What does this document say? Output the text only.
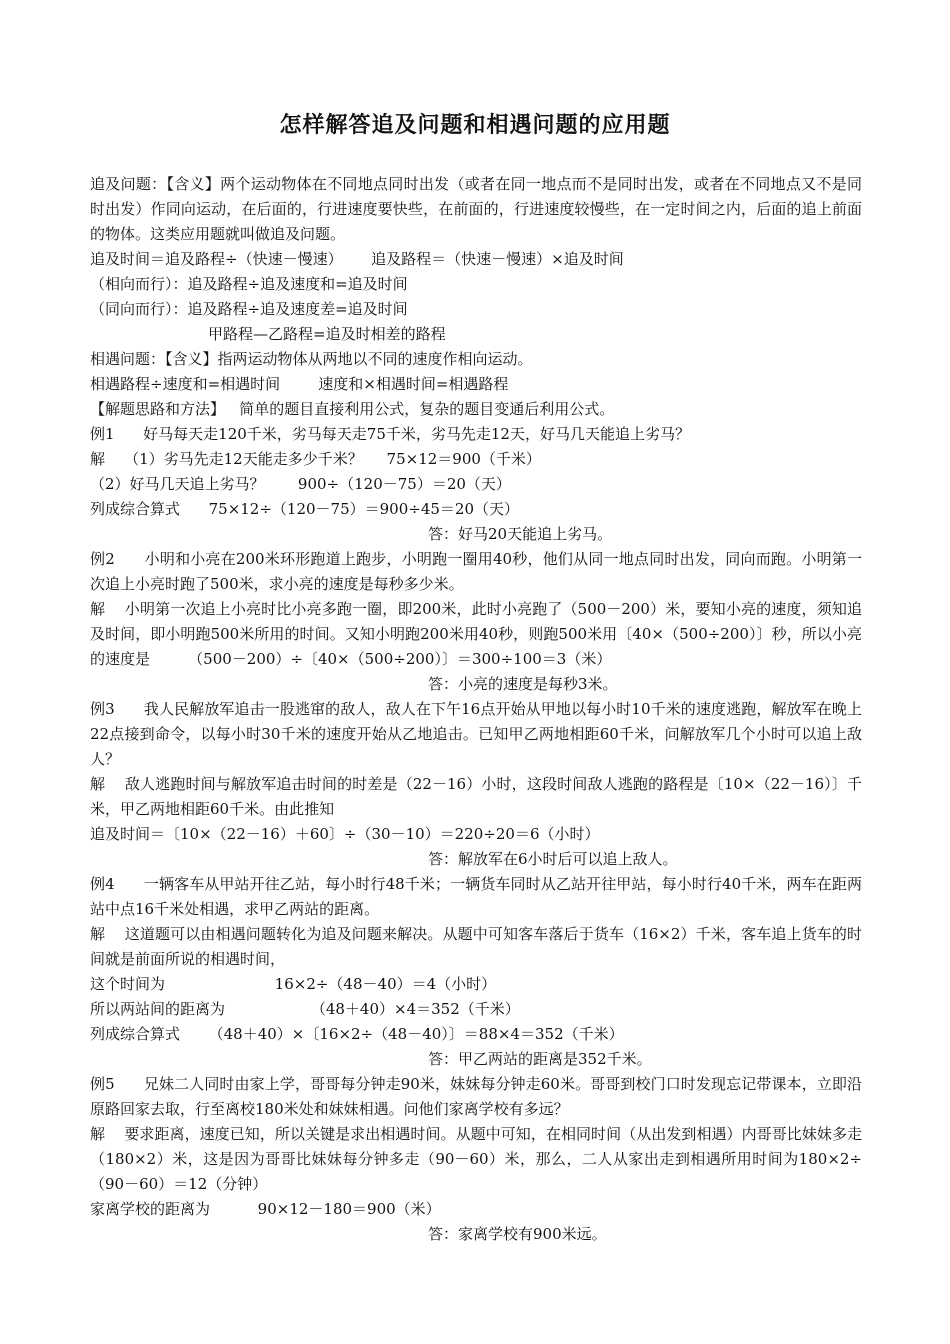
怎样解答追及问题和相遇问题的应用题

追及问题：【含义】两个运动物体在不同地点同时出发（或者在同一地点而不是同时出发，或者在不同地点又不是同时出发）作同向运动，在后面的，行进速度要快些，在前面的，行进速度较慢些，在一定时间之内，后面的追上前面的物体。这类应用题就叫做追及问题。

追及时间＝追及路程÷（快速－慢速）      追及路程＝（快速－慢速）×追及时间

（相向而行）：追及路程÷追及速度和=追及时间

（同向而行）：追及路程÷追及速度差=追及时间

甲路程—乙路程=追及时相差的路程

相遇问题：【含义】指两运动物体从两地以不同的速度作相向运动。

相遇路程÷速度和=相遇时间        速度和×相遇时间=相遇路程

【解题思路和方法】   简单的题目直接利用公式，复杂的题目变通后利用公式。

例1      好马每天走120千米，劣马每天走75千米，劣马先走12天，好马几天能追上劣马？

解    （1）劣马先走12天能走多少千米？     75×12＝900（千米）

（2）好马几天追上劣马？       900÷（120－75）＝20（天）

列成综合算式      75×12÷（120－75）＝900÷45＝20（天）

答：好马20天能追上劣马。

例2      小明和小亮在200米环形跑道上跑步，小明跑一圈用40秒，他们从同一地点同时出发，同向而跑。小明第一次追上小亮时跑了500米，求小亮的速度是每秒多少米。

解    小明第一次追上小亮时比小亮多跑一圈，即200米，此时小亮跑了（500－200）米，要知小亮的速度，须知追及时间，即小明跑500米所用的时间。又知小明跑200米用40秒，则跑500米用〔40×（500÷200）〕秒，所以小亮的速度是        （500－200）÷〔40×（500÷200）〕＝300÷100＝3（米）

答：小亮的速度是每秒3米。

例3      我人民解放军追击一股逃窜的敌人，敌人在下午16点开始从甲地以每小时10千米的速度逃跑，解放军在晚上22点接到命令，以每小时30千米的速度开始从乙地追击。已知甲乙两地相距60千米，问解放军几个小时可以追上敌人？

解    敌人逃跑时间与解放军追击时间的时差是（22－16）小时，这段时间敌人逃跑的路程是〔10×（22－16）〕千米，甲乙两地相距60千米。由此推知

追及时间＝〔10×（22－16）＋60〕÷（30－10）＝220÷20＝6（小时）

答：解放军在6小时后可以追上敌人。

例4      一辆客车从甲站开往乙站，每小时行48千米；一辆货车同时从乙站开往甲站，每小时行40千米，两车在距两站中点16千米处相遇，求甲乙两站的距离。

解    这道题可以由相遇问题转化为追及问题来解决。从题中可知客车落后于货车（16×2）千米，客车追上货车的时间就是前面所说的相遇时间，

这个时间为                       16×2÷（48－40）＝4（小时）

所以两站间的距离为                  （48＋40）×4＝352（千米）

列成综合算式      （48＋40）×〔16×2÷（48－40）〕＝88×4＝352（千米）

答：甲乙两站的距离是352千米。

例5      兄妹二人同时由家上学，哥哥每分钟走90米，妹妹每分钟走60米。哥哥到校门口时发现忘记带课本，立即沿原路回家去取，行至离校180米处和妹妹相遇。问他们家离学校有多远？

解    要求距离，速度已知，所以关键是求出相遇时间。从题中可知，在相同时间（从出发到相遇）内哥哥比妹妹多走（180×2）米，这是因为哥哥比妹妹每分钟多走（90－60）米，那么，二人从家出走到相遇所用时间为180×2÷（90－60）＝12（分钟）

家离学校的距离为          90×12－180＝900（米）

答：家离学校有900米远。
